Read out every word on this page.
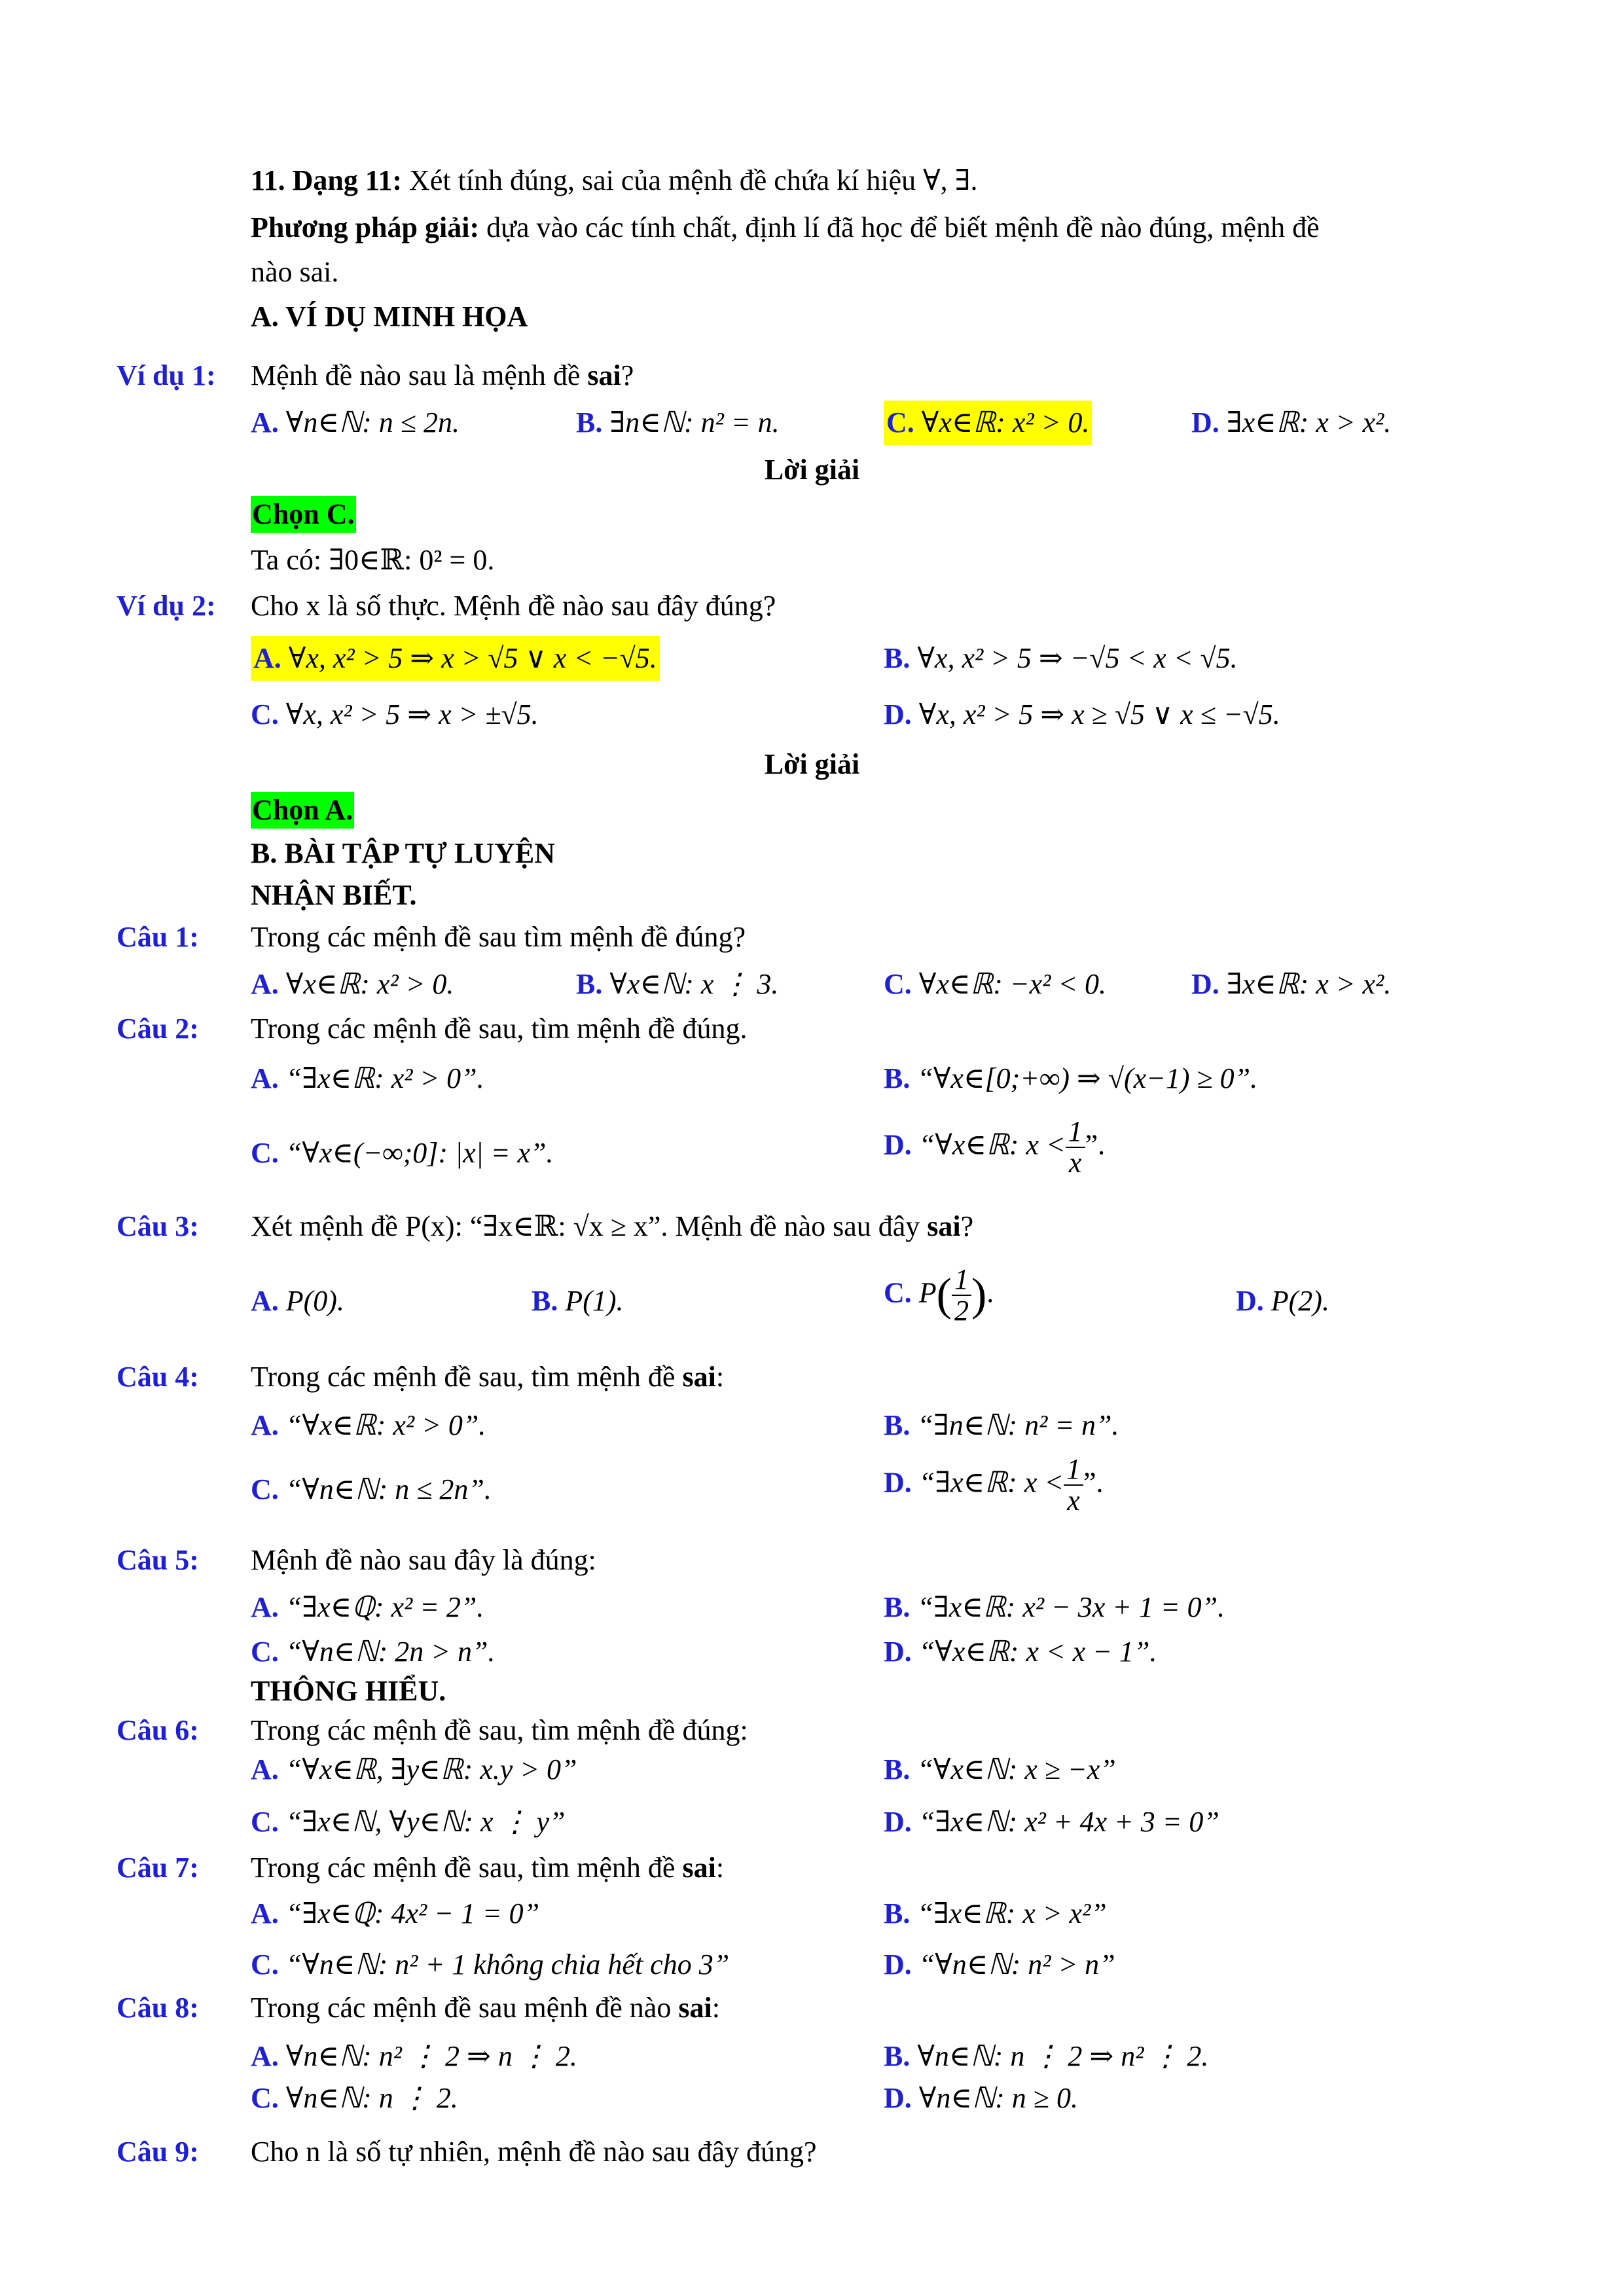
11. Dạng 11: Xét tính đúng, sai của mệnh đề chứa kí hiệu ∀, ∃.
Phương pháp giải: dựa vào các tính chất, định lí đã học để biết mệnh đề nào đúng, mệnh đề
nào sai.
A. VÍ DỤ MINH HỌA
Ví dụ 1: Mệnh đề nào sau là mệnh đề sai?
A. ∀n∈ℕ: n ≤ 2n.	B. ∃n∈ℕ: n² = n.	C. ∀x∈ℝ: x² > 0.	D. ∃x∈ℝ: x > x².
Lời giải
Chọn C.
Ta có: ∃0∈ℝ: 0² = 0.
Ví dụ 2: Cho x là số thực. Mệnh đề nào sau đây đúng?
A. ∀x, x² > 5 ⇒ x > √5 ∨ x < −√5.	B. ∀x, x² > 5 ⇒ −√5 < x < √5.
C. ∀x, x² > 5 ⇒ x > ±√5.	D. ∀x, x² > 5 ⇒ x ≥ √5 ∨ x ≤ −√5.
Lời giải
Chọn A.
B. BÀI TẬP TỰ LUYỆN
NHẬN BIẾT.
Câu 1: Trong các mệnh đề sau tìm mệnh đề đúng?
A. ∀x∈ℝ: x² > 0.	B. ∀x∈ℕ: x ⋮ 3.	C. ∀x∈ℝ: −x² < 0.	D. ∃x∈ℝ: x > x².
Câu 2: Trong các mệnh đề sau, tìm mệnh đề đúng.
A. “∃x∈ℝ: x² > 0”.	B. “∀x∈[0;+∞) ⇒ √(x−1) ≥ 0”.
C. “∀x∈(−∞;0]: |x| = x”.	D. “∀x∈ℝ: $x < \frac{1}{x}$ ”.
Câu 3: Xét mệnh đề P(x): “∃x∈ℝ: √x ≥ x”. Mệnh đề nào sau đây sai?
A. P(0).	B. P(1).	C. $P( \frac{1}{2}$ ).	D. P(2).
Câu 4: Trong các mệnh đề sau, tìm mệnh đề sai:
A. “∀x∈ℝ: x² > 0”.	B. “∃n∈ℕ: n² = n”.
C. “∀n∈ℕ: n ≤ 2n”.	D. “∃x∈ℝ: $x < \frac{1}{x}$ ”.
Câu 5: Mệnh đề nào sau đây là đúng:
A. “∃x∈ℚ: x² = 2”.	B. “∃x∈ℝ: x² − 3x + 1 = 0”.
C. “∀n∈ℕ: 2n > n”.	D. “∀x∈ℝ: x < x − 1”.
THÔNG HIỂU.
Câu 6: Trong các mệnh đề sau, tìm mệnh đề đúng:
A. “∀x∈ℝ, ∃y∈ℝ: x.y > 0”	B. “∀x∈ℕ: x ≥ −x”
C. “∃x∈ℕ, ∀y∈ℕ: x ⋮ y”	D. “∃x∈ℕ: x² + 4x + 3 = 0”
Câu 7: Trong các mệnh đề sau, tìm mệnh đề sai:
A. “∃x∈ℚ: 4x² − 1 = 0”	B. “∃x∈ℝ: x > x²”
C. “∀n∈ℕ: n² + 1 không chia hết cho 3”	D. “∀n∈ℕ: n² > n”
Câu 8: Trong các mệnh đề sau mệnh đề nào sai:
A. ∀n∈ℕ: n² ⋮ 2 ⇒ n ⋮ 2.	B. ∀n∈ℕ: n ⋮ 2 ⇒ n² ⋮ 2.
C. ∀n∈ℕ: n ⋮ 2.	D. ∀n∈ℕ: n ≥ 0.
Câu 9: Cho n là số tự nhiên, mệnh đề nào sau đây đúng?
